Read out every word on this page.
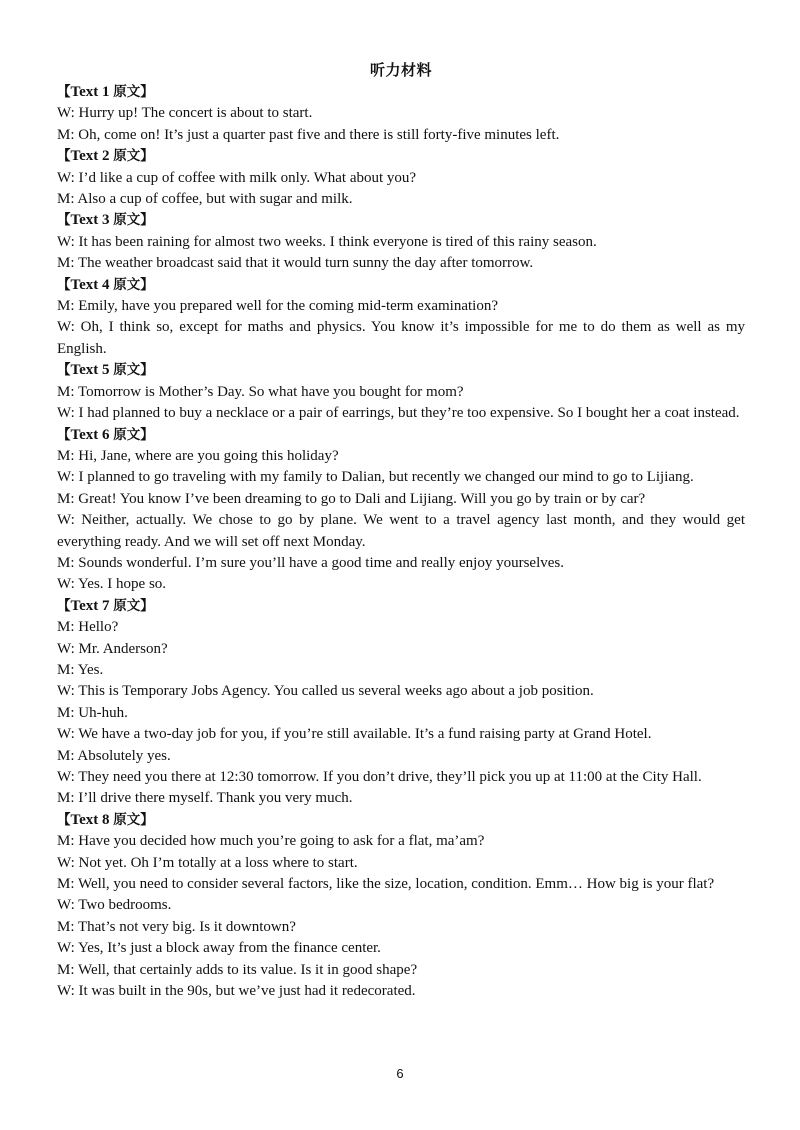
听力材料
【Text 1 原文】
W: Hurry up! The concert is about to start.
M: Oh, come on! It’s just a quarter past five and there is still forty-five minutes left.
【Text 2 原文】
W: I’d like a cup of coffee with milk only. What about you?
M: Also a cup of coffee, but with sugar and milk.
【Text 3 原文】
W: It has been raining for almost two weeks. I think everyone is tired of this rainy season.
M: The weather broadcast said that it would turn sunny the day after tomorrow.
【Text 4 原文】
M: Emily, have you prepared well for the coming mid-term examination?
W: Oh, I think so, except for maths and physics. You know it’s impossible for me to do them as well as my English.
【Text 5 原文】
M: Tomorrow is Mother’s Day. So what have you bought for mom?
W: I had planned to buy a necklace or a pair of earrings, but they’re too expensive. So I bought her a coat instead.
【Text 6 原文】
M: Hi, Jane, where are you going this holiday?
W: I planned to go traveling with my family to Dalian, but recently we changed our mind to go to Lijiang.
M: Great! You know I’ve been dreaming to go to Dali and Lijiang. Will you go by train or by car?
W: Neither, actually. We chose to go by plane. We went to a travel agency last month, and they would get everything ready. And we will set off next Monday.
M: Sounds wonderful. I’m sure you’ll have a good time and really enjoy yourselves.
W: Yes. I hope so.
【Text 7 原文】
M: Hello?
W: Mr. Anderson?
M: Yes.
W: This is Temporary Jobs Agency. You called us several weeks ago about a job position.
M: Uh-huh.
W: We have a two-day job for you, if you’re still available. It’s a fund raising party at Grand Hotel.
M: Absolutely yes.
W: They need you there at 12:30 tomorrow. If you don’t drive, they’ll pick you up at 11:00 at the City Hall.
M: I’ll drive there myself. Thank you very much.
【Text 8 原文】
M: Have you decided how much you’re going to ask for a flat, ma’am?
W: Not yet. Oh I’m totally at a loss where to start.
M: Well, you need to consider several factors, like the size, location, condition. Emm… How big is your flat?
W: Two bedrooms.
M: That’s not very big. Is it downtown?
W: Yes, It’s just a block away from the finance center.
M: Well, that certainly adds to its value. Is it in good shape?
W: It was built in the 90s, but we’ve just had it redecorated.
6
